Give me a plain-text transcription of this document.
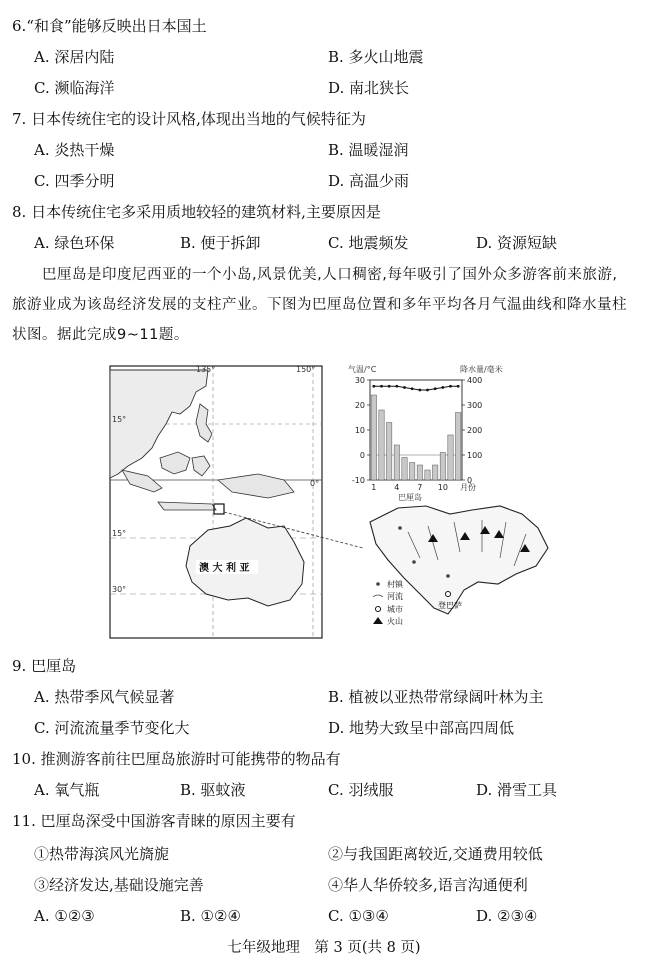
6.“和食”能够反映出日本国土
A. 深居内陆	B. 多火山地震
C. 濒临海洋	D. 南北狭长
7. 日本传统住宅的设计风格,体现出当地的气候特征为
A. 炎热干燥	B. 温暖湿润
C. 四季分明	D. 高温少雨
8. 日本传统住宅多采用质地较轻的建筑材料,主要原因是
A. 绿色环保	B. 便于拆卸	C. 地震频发	D. 资源短缺
巴厘岛是印度尼西亚的一个小岛,风景优美,人口稠密,每年吸引了国外众多游客前来旅游,旅游业成为该岛经济发展的支柱产业。下图为巴厘岛位置和多年平均各月气温曲线和降水量柱状图。据此完成9~11题。
135°	150°
15°
0°
15°
30°
澳 大 利 亚
气温/°C	降水量/毫米
30
20
10
0
-10
400
300
200
100
0
1 4 7 10 月份
巴厘岛
登巴萨
村镇
河流
城市
火山
9. 巴厘岛
A. 热带季风气候显著	B. 植被以亚热带常绿阔叶林为主
C. 河流流量季节变化大	D. 地势大致呈中部高四周低
10. 推测游客前往巴厘岛旅游时可能携带的物品有
A. 氧气瓶	B. 驱蚊液	C. 羽绒服	D. 滑雪工具
11. 巴厘岛深受中国游客青睐的原因主要有
①热带海滨风光旖旎	②与我国距离较近,交通费用较低
③经济发达,基础设施完善	④华人华侨较多,语言沟通便利
A. ①②③	B. ①②④	C. ①③④	D. ②③④
七年级地理　第 3 页(共 8 页)
